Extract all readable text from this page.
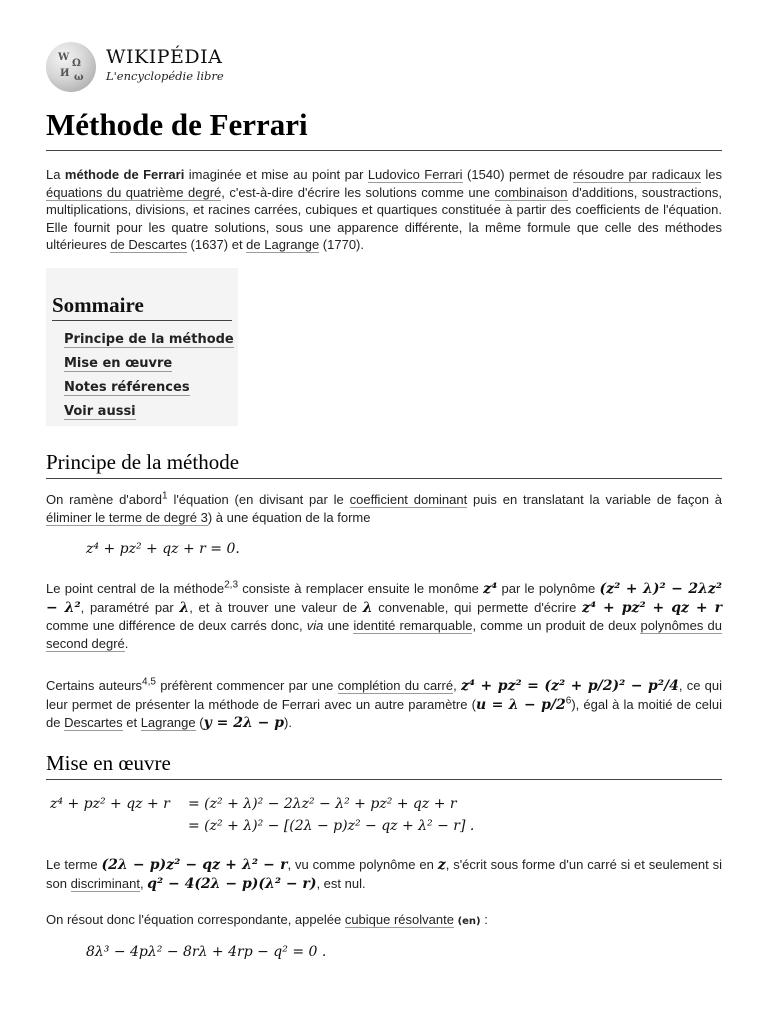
W
Ω
И ω
WIKIPÉDIA
L'encyclopédie libre
Méthode de Ferrari
La méthode de Ferrari imaginée et mise au point par Ludovico Ferrari (1540) permet de résoudre par radicaux les équations du quatrième degré, c'est-à-dire d'écrire les solutions comme une combinaison d'additions, soustractions, multiplications, divisions, et racines carrées, cubiques et quartiques constituée à partir des coefficients de l'équation. Elle fournit pour les quatre solutions, sous une apparence différente, la même formule que celle des méthodes ultérieures de Descartes (1637) et de Lagrange (1770).
Sommaire
Principe de la méthode
Mise en œuvre
Notes références
Voir aussi
Principe de la méthode
On ramène d'abord$^1$ l'équation (en divisant par le coefficient dominant puis en translatant la variable de façon à éliminer le terme de degré 3) à une équation de la forme
z⁴ + pz² + qz + r = 0.
Le point central de la méthode$^{2,3}$ consiste à remplacer ensuite le monôme z⁴ par le polynôme (z² + λ)² − 2λz² − λ², paramétré par λ, et à trouver une valeur de λ convenable, qui permette d'écrire z⁴ + pz² + qz + r comme une différence de deux carrés donc, via une identité remarquable, comme un produit de deux polynômes du second degré.
Certains auteurs$^{4,5}$ préfèrent commencer par une complétion du carré, z⁴ + pz² = (z² + p/2)² − p²/4, ce qui leur permet de présenter la méthode de Ferrari avec un autre paramètre (u = λ − p/2$^6$), égal à la moitié de celui de Descartes et Lagrange (y = 2λ − p).
Mise en œuvre
z⁴ + pz² + qz + r = (z² + λ)² − 2λz² − λ² + pz² + qz + r
= (z² + λ)² − [(2λ − p)z² − qz + λ² − r] .
Le terme (2λ − p)z² − qz + λ² − r, vu comme polynôme en z, s'écrit sous forme d'un carré si et seulement si son discriminant, q² − 4(2λ − p)(λ² − r), est nul.
On résout donc l'équation correspondante, appelée cubique résolvante (en) :
8λ³ − 4pλ² − 8rλ + 4rp − q² = 0 .
